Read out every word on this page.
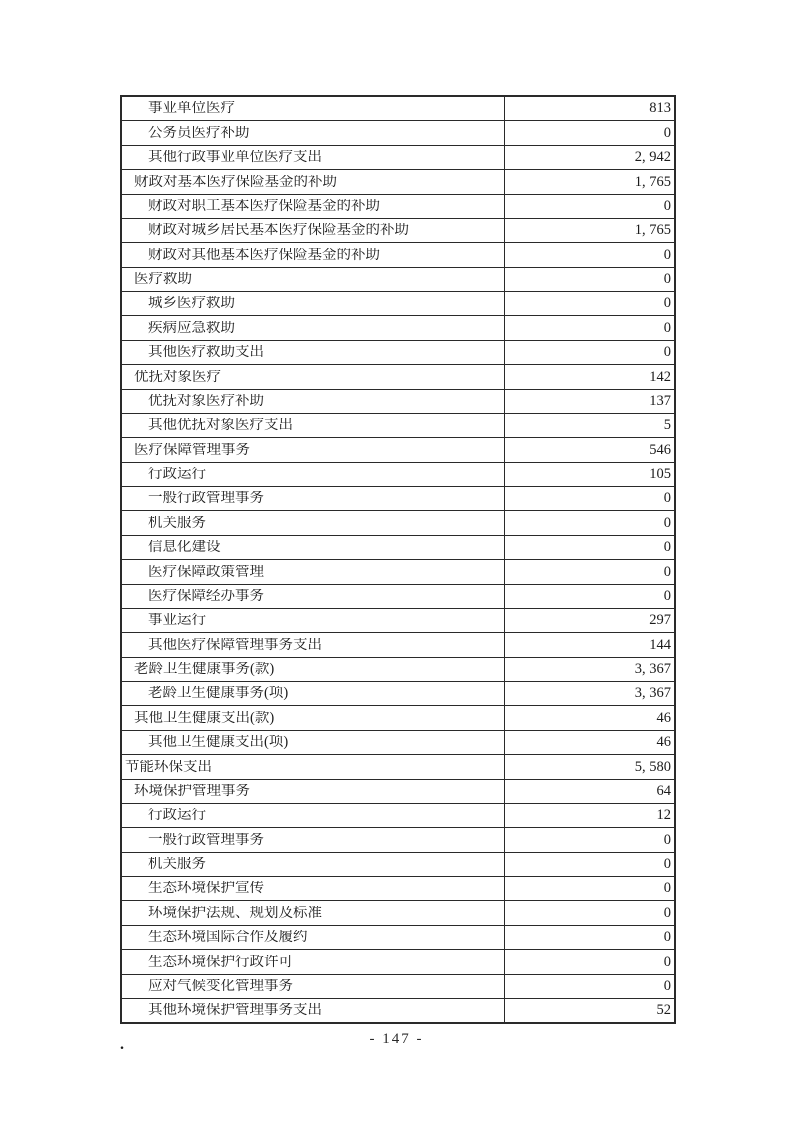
事业单位医疗	813
公务员医疗补助	0
其他行政事业单位医疗支出	2, 942
财政对基本医疗保险基金的补助	1, 765
财政对职工基本医疗保险基金的补助	0
财政对城乡居民基本医疗保险基金的补助	1, 765
财政对其他基本医疗保险基金的补助	0
医疗救助	0
城乡医疗救助	0
疾病应急救助	0
其他医疗救助支出	0
优抚对象医疗	142
优抚对象医疗补助	137
其他优抚对象医疗支出	5
医疗保障管理事务	546
行政运行	105
一般行政管理事务	0
机关服务	0
信息化建设	0
医疗保障政策管理	0
医疗保障经办事务	0
事业运行	297
其他医疗保障管理事务支出	144
老龄卫生健康事务(款)	3, 367
老龄卫生健康事务(项)	3, 367
其他卫生健康支出(款)	46
其他卫生健康支出(项)	46
节能环保支出	5, 580
环境保护管理事务	64
行政运行	12
一般行政管理事务	0
机关服务	0
生态环境保护宣传	0
环境保护法规、规划及标准	0
生态环境国际合作及履约	0
生态环境保护行政许可	0
应对气候变化管理事务	0
其他环境保护管理事务支出	52
- 147 -
.
